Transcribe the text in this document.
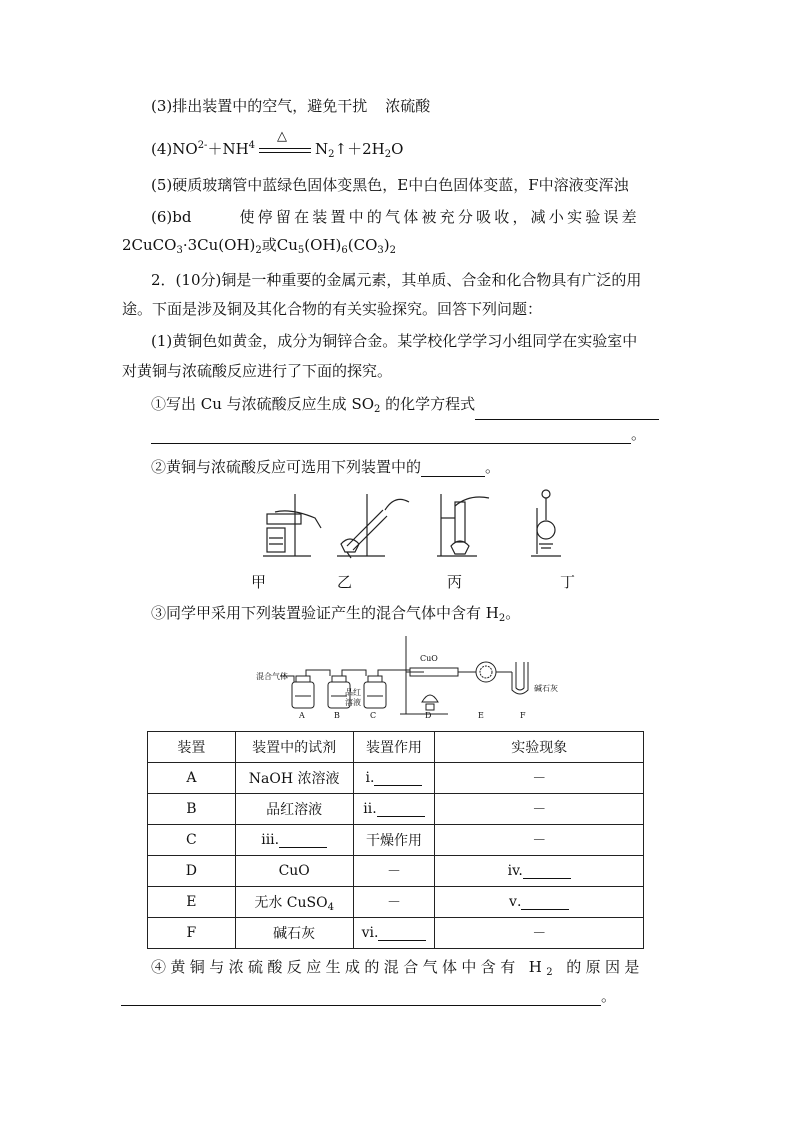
(3)排出装置中的空气，避免干扰 浓硫酸
$(4)NO^{2-}+NH^4$
△
$N_2↑+2H_2O$
(5)硬质玻璃管中蓝绿色固体变黑色，E中白色固体变蓝，F中溶液变浑浊
(6)bd	使停留在装置中的气体被充分吸收，减小实验误差
$2CuCO_3\cdot 3Cu(OH)_2$或$Cu_5(OH)_6(CO_3)_2$
2．(10分)铜是一种重要的金属元素，其单质、合金和化合物具有广泛的用
途。下面是涉及铜及其化合物的有关实验探究。回答下列问题：
(1)黄铜色如黄金，成分为铜锌合金。某学校化学学习小组同学在实验室中
对黄铜与浓硫酸反应进行了下面的探究。
①写出 Cu 与浓硫酸反应生成 $SO_2$ 的化学方程式
。
②黄铜与浓硫酸反应可选用下列装置中的	。
甲	乙	丙	丁
③同学甲采用下列装置验证产生的混合气体中含有 $H_2$。
混合气体
CuO
品红
溶液
碱石灰
A	B	C	D	E	F
装置	装置中的试剂	装置作用	实验现象
A	NaOH 浓溶液	ⅰ.	－
B	品红溶液	ⅱ.	－
C	iii.	干燥作用	－
D	CuO	－	iv.
E	无水 CuSO$_4$	－	ⅴ.
F	碱石灰	vi.	－
④黄铜与浓硫酸反应生成的混合气体中含有 $H_2$ 的原因是
。
